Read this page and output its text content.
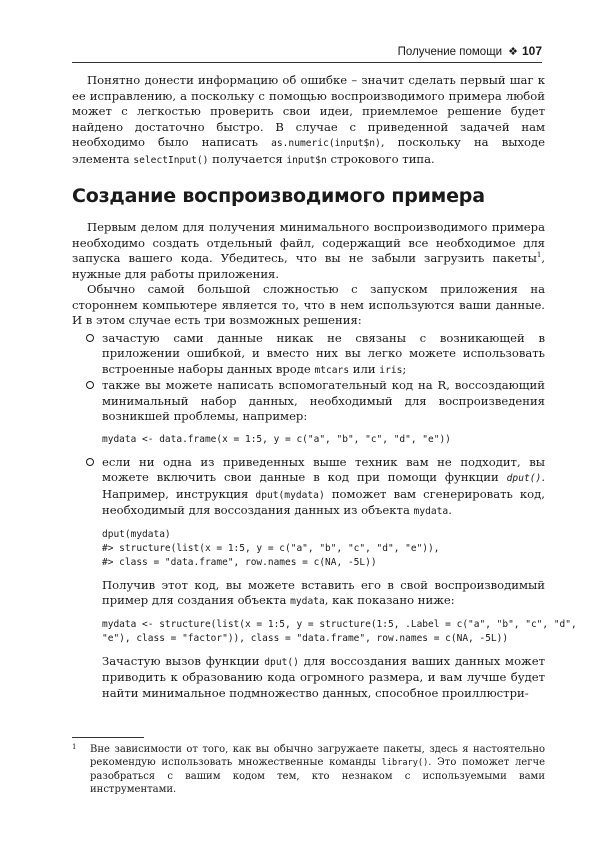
Получение помощи ❖ 107

Понятно донести информацию об ошибке – значит сделать первый шаг к ее исправлению, а поскольку с помощью воспроизводимого примера любой может с легкостью проверить свои идеи, приемлемое решение будет найдено достаточно быстро. В случае с приведенной задачей нам необходимо было написать as.numeric(input$n), поскольку на выходе элемента selectInput() получается input$n строкового типа.

Создание воспроизводимого примера

Первым делом для получения минимального воспроизводимого примера необходимо создать отдельный файл, содержащий все необходимое для запуска вашего кода. Убедитесь, что вы не забыли загрузить пакеты$^1$, нужные для работы приложения.

Обычно самой большой сложностью с запуском приложения на стороннем компьютере является то, что в нем используются ваши данные. И в этом случае есть три возможных решения:

зачастую сами данные никак не связаны с возникающей в приложении ошибкой, и вместо них вы легко можете использовать встроенные наборы данных вроде mtcars или iris;
также вы можете написать вспомогательный код на R, воссоздающий минимальный набор данных, необходимый для воспроизведения возникшей проблемы, например:
mydata <- data.frame(x = 1:5, y = c("a", "b", "c", "d", "e"))
если ни одна из приведенных выше техник вам не подходит, вы можете включить свои данные в код при помощи функции dput(). Например, инструкция dput(mydata) поможет вам сгенерировать код, необходимый для воссоздания данных из объекта mydata.
dput(mydata)
#> structure(list(x = 1:5, y = c("a", "b", "c", "d", "e")),
#> class = "data.frame", row.names = c(NA, -5L))

Получив этот код, вы можете вставить его в свой воспроизводимый пример для создания объекта mydata, как показано ниже:

mydata <- structure(list(x = 1:5, y = structure(1:5, .Label = c("a", "b", "c", "d",
"e"), class = "factor")), class = "data.frame", row.names = c(NA, -5L))

Зачастую вызов функции dput() для воссоздания ваших данных может приводить к образованию кода огромного размера, и вам лучше будет найти минимальное подмножество данных, способное проиллюстри-

1 Вне зависимости от того, как вы обычно загружаете пакеты, здесь я настоятельно рекомендую использовать множественные команды library(). Это поможет легче разобраться с вашим кодом тем, кто незнаком с используемыми вами инструментами.
